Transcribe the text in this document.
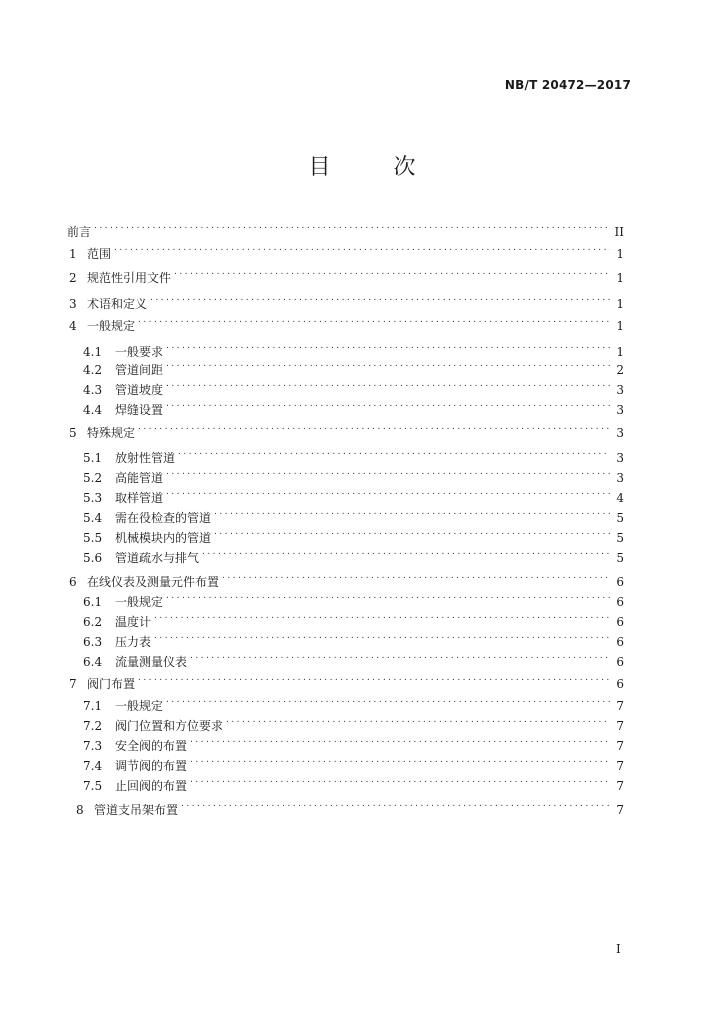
NB/T 20472—2017
目 次
前言 . . .	II
1 范围 . . .	1
2 规范性引用文件 . . .	1
3 术语和定义 . . .	1
4 一般规定 . . .	1
4.1	一般要求 . . .	1
4.2	管道间距 . . .	2
4.3	管道坡度 . . .	3
4.4	焊缝设置 . . .	3
5 特殊规定 . . .	3
5.1	放射性管道 . . .	3
5.2	高能管道 . . .	3
5.3	取样管道 . . .	4
5.4	需在役检查的管道 . . .	5
5.5	机械模块内的管道 . . .	5
5.6	管道疏水与排气 . . .	5
6 在线仪表及测量元件布置 . . .	6
6.1	一般规定 . . .	6
6.2	温度计 . . .	6
6.3	压力表 . . .	6
6.4	流量测量仪表 . . .	6
7 阀门布置 . . .	6
7.1	一般规定 . . .	7
7.2	阀门位置和方位要求 . . .	7
7.3	安全阀的布置 . . .	7
7.4	调节阀的布置 . . .	7
7.5	止回阀的布置 . . .	7
8 管道支吊架布置 . . .	7
I
